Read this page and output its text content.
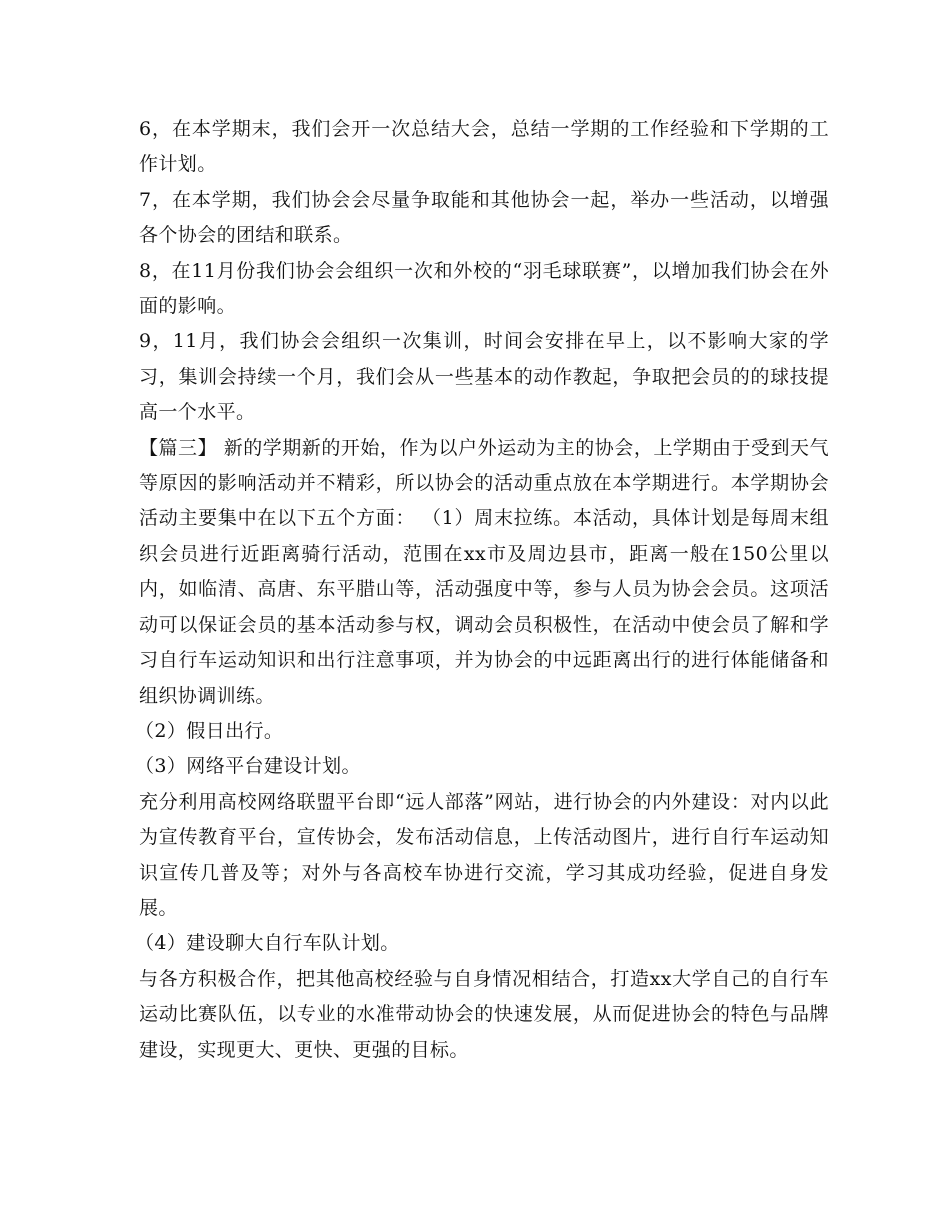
6，在本学期末，我们会开一次总结大会，总结一学期的工作经验和下学期的工作计划。

7，在本学期，我们协会会尽量争取能和其他协会一起，举办一些活动，以增强各个协会的团结和联系。

8，在11月份我们协会会组织一次和外校的“羽毛球联赛”，以增加我们协会在外面的影响。

9，11月，我们协会会组织一次集训，时间会安排在早上，以不影响大家的学习，集训会持续一个月，我们会从一些基本的动作教起，争取把会员的的球技提高一个水平。

【篇三】 新的学期新的开始，作为以户外运动为主的协会，上学期由于受到天气等原因的影响活动并不精彩，所以协会的活动重点放在本学期进行。本学期协会活动主要集中在以下五个方面： （1）周末拉练。本活动，具体计划是每周末组织会员进行近距离骑行活动，范围在xx市及周边县市，距离一般在150公里以内，如临清、高唐、东平腊山等，活动强度中等，参与人员为协会会员。这项活动可以保证会员的基本活动参与权，调动会员积极性，在活动中使会员了解和学习自行车运动知识和出行注意事项，并为协会的中远距离出行的进行体能储备和组织协调训练。

（2）假日出行。

（3）网络平台建设计划。

充分利用高校网络联盟平台即“远人部落”网站，进行协会的内外建设：对内以此为宣传教育平台，宣传协会，发布活动信息，上传活动图片，进行自行车运动知识宣传几普及等；对外与各高校车协进行交流，学习其成功经验，促进自身发展。

（4）建设聊大自行车队计划。

与各方积极合作，把其他高校经验与自身情况相结合，打造xx大学自己的自行车运动比赛队伍，以专业的水准带动协会的快速发展，从而促进协会的特色与品牌建设，实现更大、更快、更强的目标。
